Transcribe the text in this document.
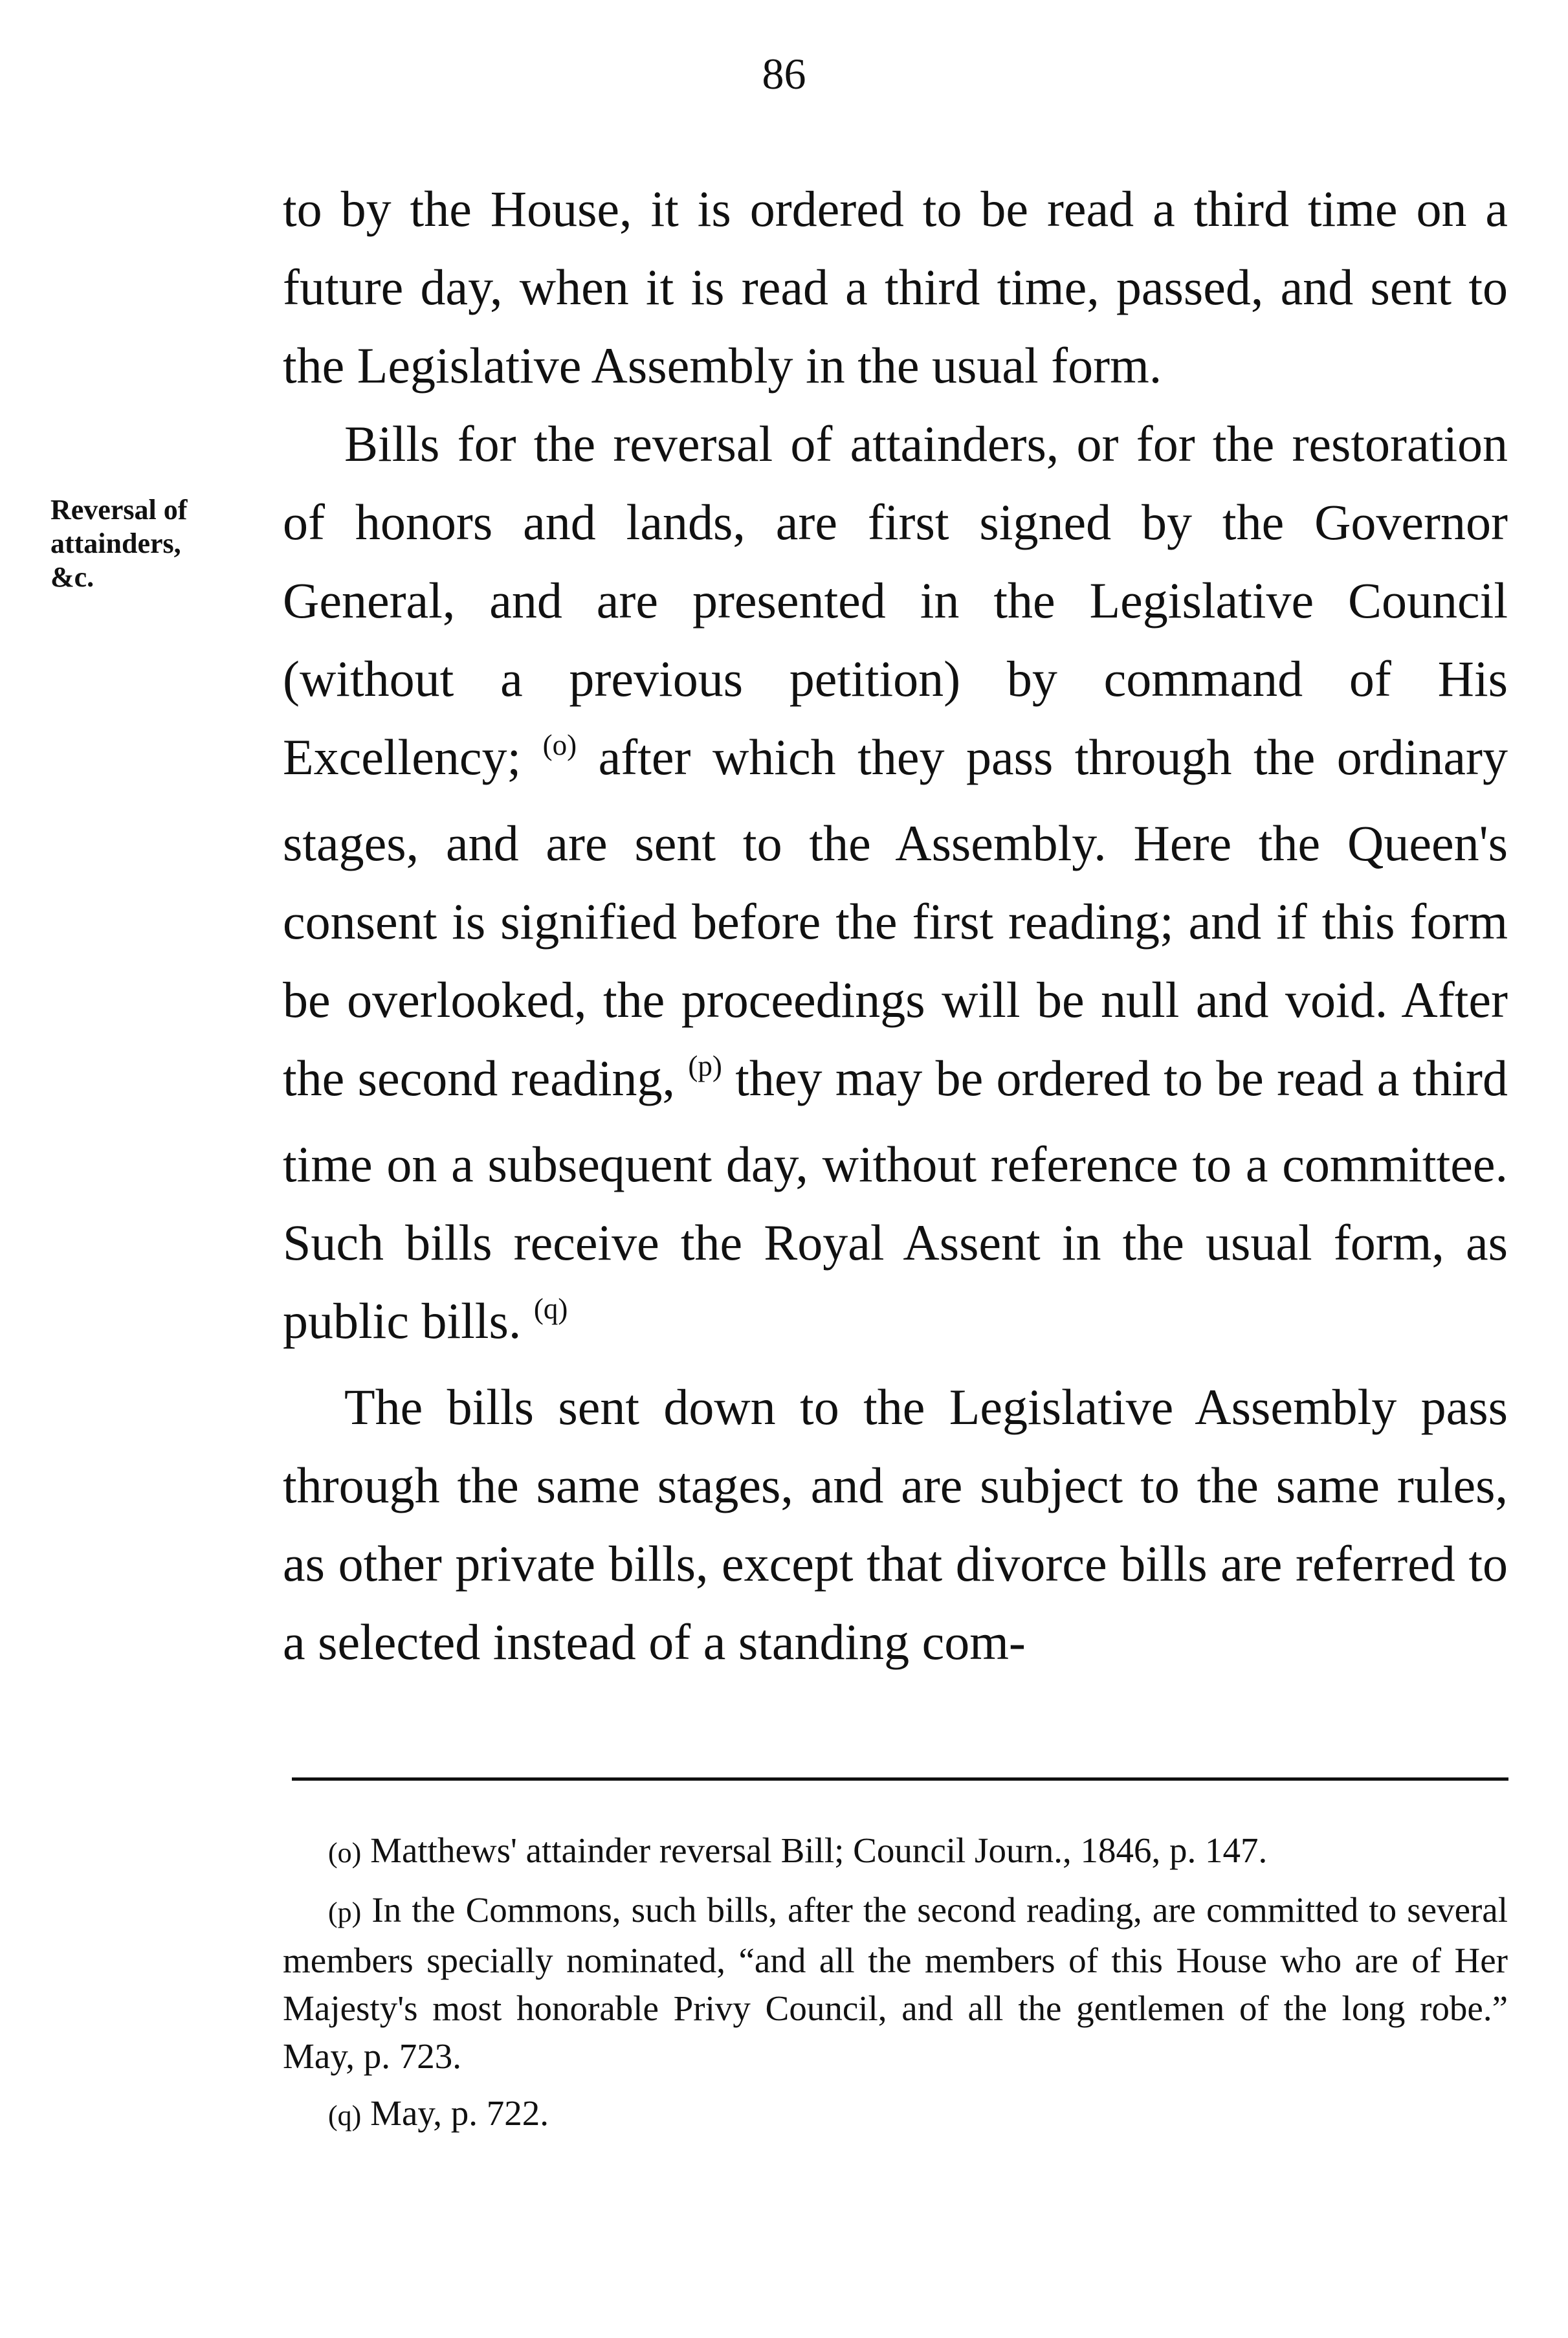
86
Reversal of
attainders,
&c.

to by the House, it is ordered to be read a third time on a future day, when it is read a third time, passed, and sent to the Legislative Assembly in the usual form.

Bills for the reversal of attainders, or for the restoration of honors and lands, are first signed by the Governor General, and are presented in the Legislative Council (without a previous petition) by command of His Excellency; $^{(o)}$ after which they pass through the ordinary stages, and are sent to the Assembly. Here the Queen's consent is signified before the first reading; and if this form be overlooked, the proceedings will be null and void. After the second reading, $^{(p)}$ they may be ordered to be read a third time on a subsequent day, without reference to a committee. Such bills receive the Royal Assent in the usual form, as public bills. $^{(q)}$

The bills sent down to the Legislative Assembly pass through the same stages, and are subject to the same rules, as other private bills, except that divorce bills are referred to a selected instead of a standing com-

(o) Matthews' attainder reversal Bill; Council Journ., 1846, p. 147.

(p) In the Commons, such bills, after the second reading, are committed to several members specially nominated, “and all the members of this House who are of Her Majesty's most honorable Privy Council, and all the gentlemen of the long robe.” May, p. 723.

(q) May, p. 722.
